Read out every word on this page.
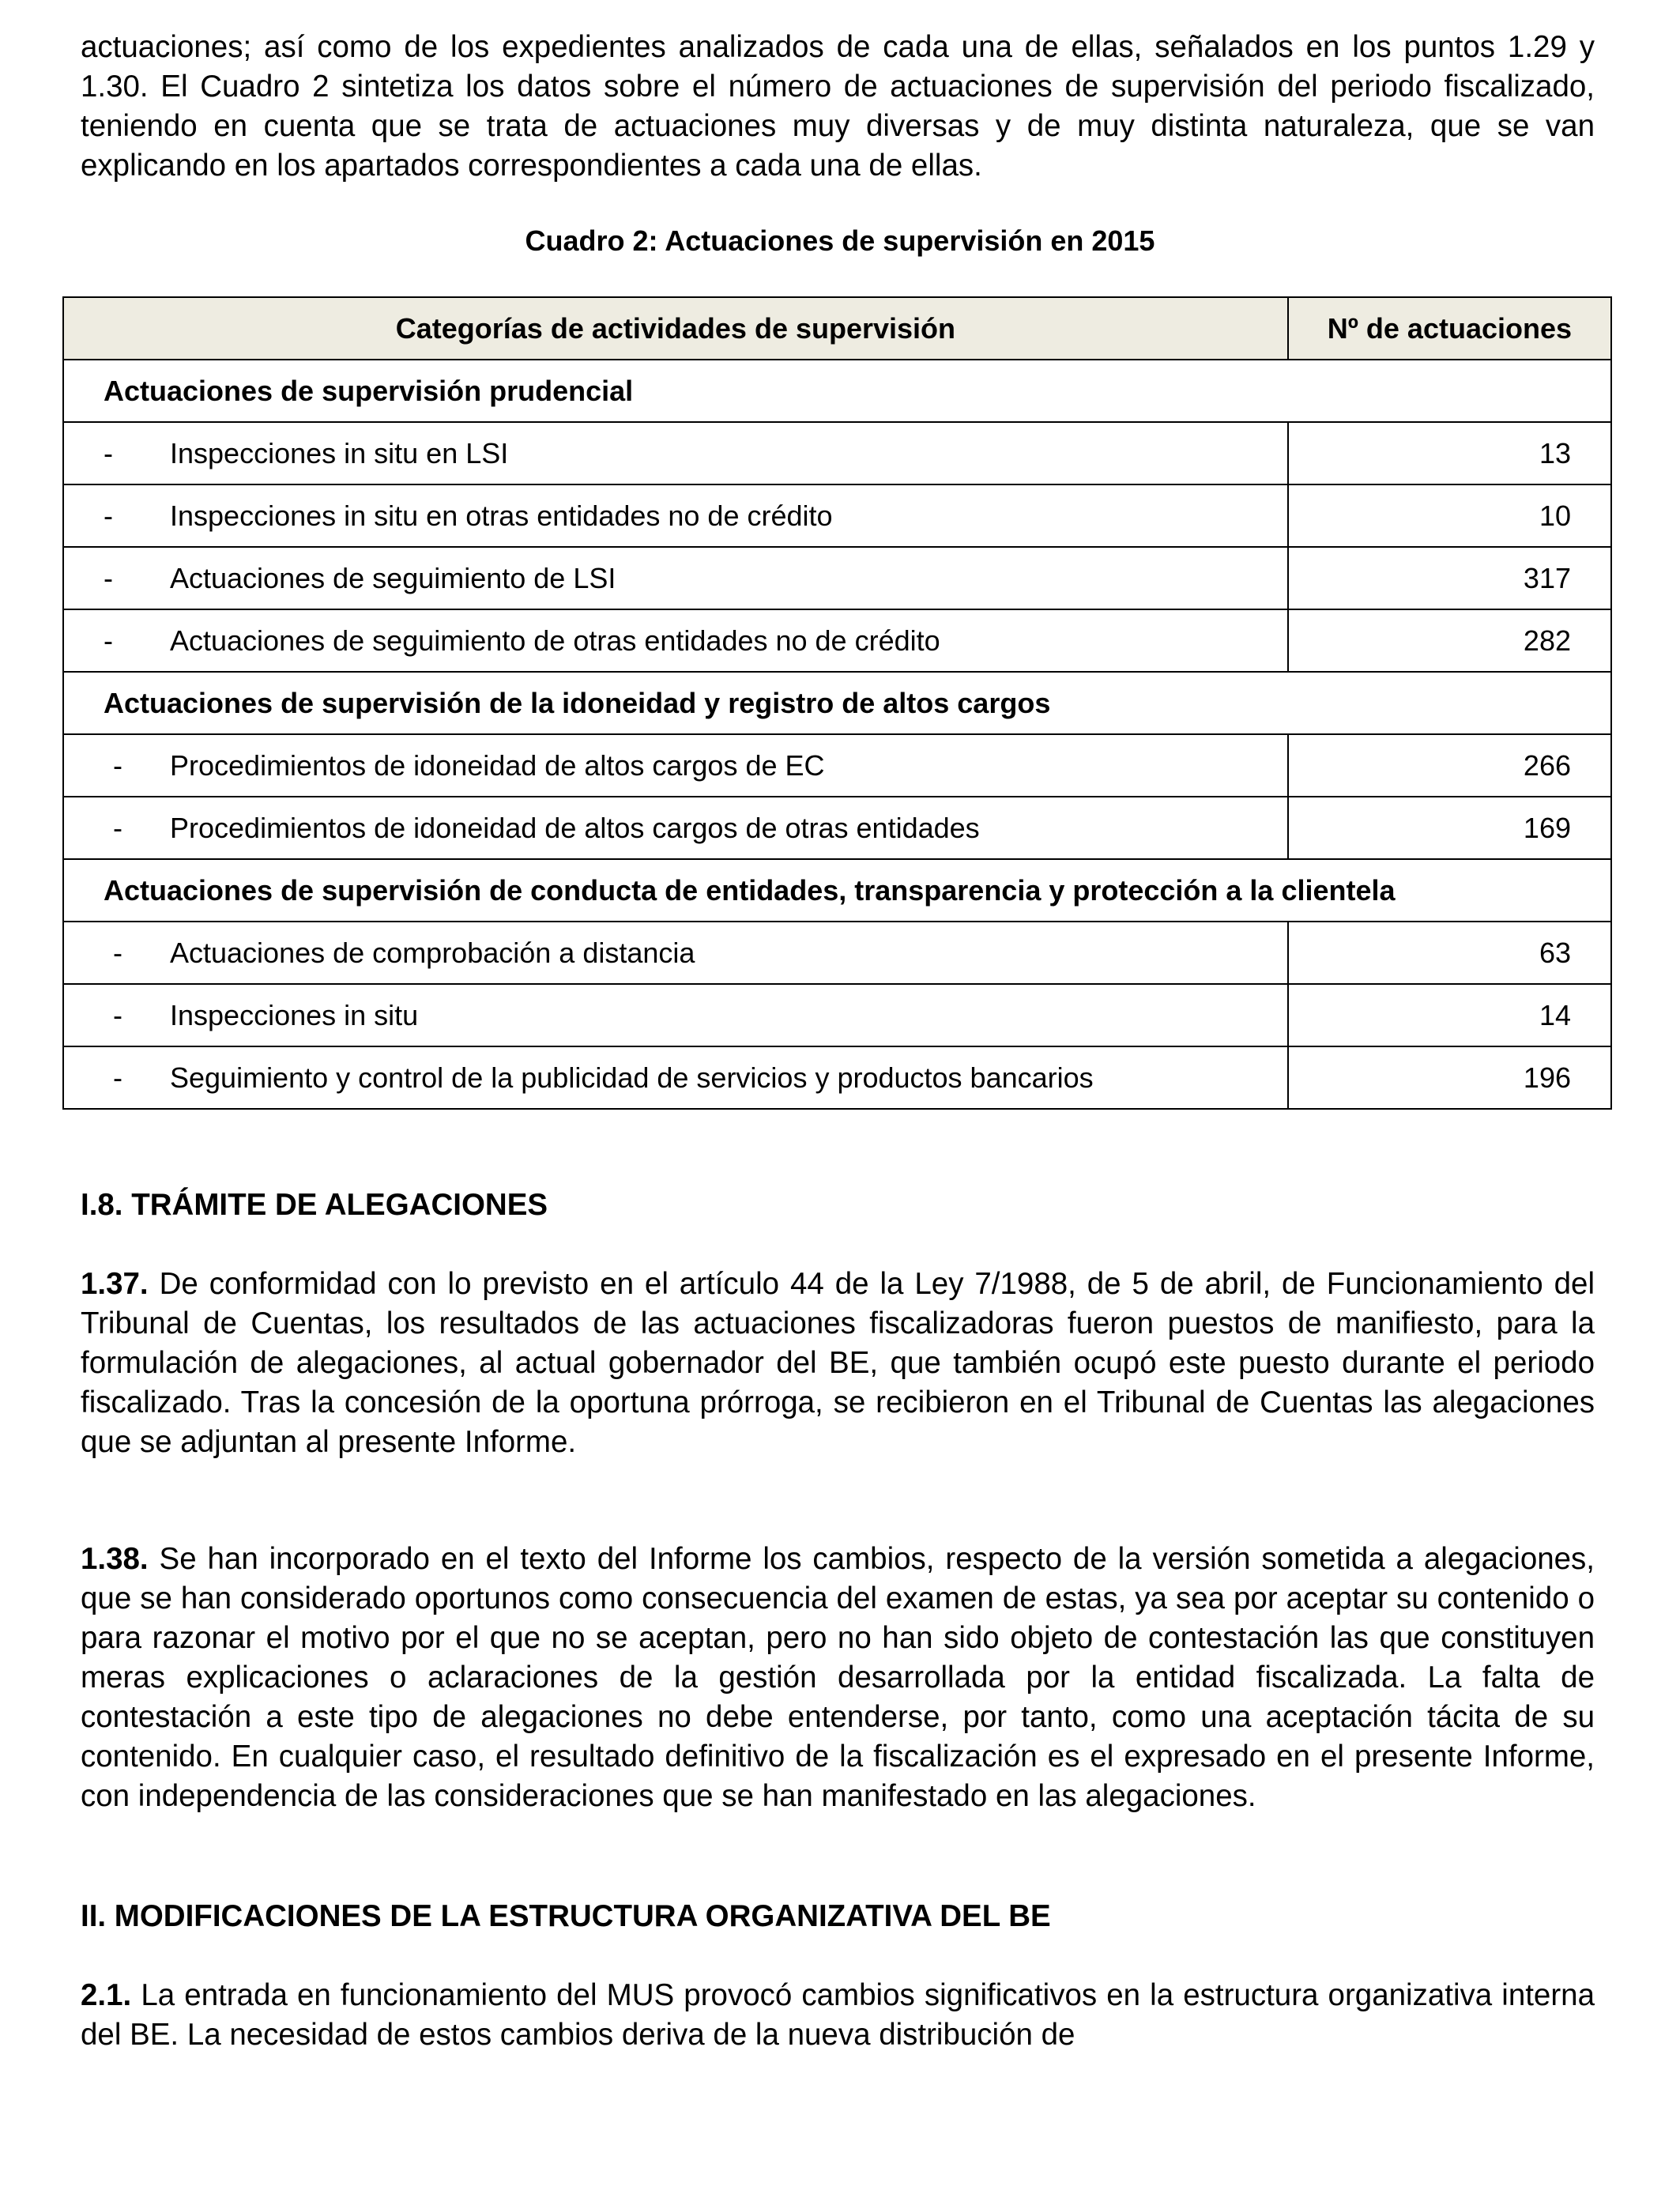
actuaciones; así como de los expedientes analizados de cada una de ellas, señalados en los puntos 1.29 y 1.30. El Cuadro 2 sintetiza los datos sobre el número de actuaciones de supervisión del periodo fiscalizado, teniendo en cuenta que se trata de actuaciones muy diversas y de muy distinta naturaleza, que se van explicando en los apartados correspondientes a cada una de ellas.

Cuadro 2: Actuaciones de supervisión en 2015
Categorías de actividades de supervisión	Nº de actuaciones
Actuaciones de supervisión prudencial	
- Inspecciones in situ en LSI	13
- Inspecciones in situ en otras entidades no de crédito	10
- Actuaciones de seguimiento de LSI	317
- Actuaciones de seguimiento de otras entidades no de crédito	282
Actuaciones de supervisión de la idoneidad y registro de altos cargos	
- Procedimientos de idoneidad de altos cargos de EC	266
- Procedimientos de idoneidad de altos cargos de otras entidades	169
Actuaciones de supervisión de conducta de entidades, transparencia y protección a la clientela	
- Actuaciones de comprobación a distancia	63
- Inspecciones in situ	14
- Seguimiento y control de la publicidad de servicios y productos bancarios	196
I.8. TRÁMITE DE ALEGACIONES

1.37. De conformidad con lo previsto en el artículo 44 de la Ley 7/1988, de 5 de abril, de Funcionamiento del Tribunal de Cuentas, los resultados de las actuaciones fiscalizadoras fueron puestos de manifiesto, para la formulación de alegaciones, al actual gobernador del BE, que también ocupó este puesto durante el periodo fiscalizado. Tras la concesión de la oportuna prórroga, se recibieron en el Tribunal de Cuentas las alegaciones que se adjuntan al presente Informe.

1.38. Se han incorporado en el texto del Informe los cambios, respecto de la versión sometida a alegaciones, que se han considerado oportunos como consecuencia del examen de estas, ya sea por aceptar su contenido o para razonar el motivo por el que no se aceptan, pero no han sido objeto de contestación las que constituyen meras explicaciones o aclaraciones de la gestión desarrollada por la entidad fiscalizada. La falta de contestación a este tipo de alegaciones no debe entenderse, por tanto, como una aceptación tácita de su contenido. En cualquier caso, el resultado definitivo de la fiscalización es el expresado en el presente Informe, con independencia de las consideraciones que se han manifestado en las alegaciones.

II. MODIFICACIONES DE LA ESTRUCTURA ORGANIZATIVA DEL BE

2.1. La entrada en funcionamiento del MUS provocó cambios significativos en la estructura organizativa interna del BE. La necesidad de estos cambios deriva de la nueva distribución de
